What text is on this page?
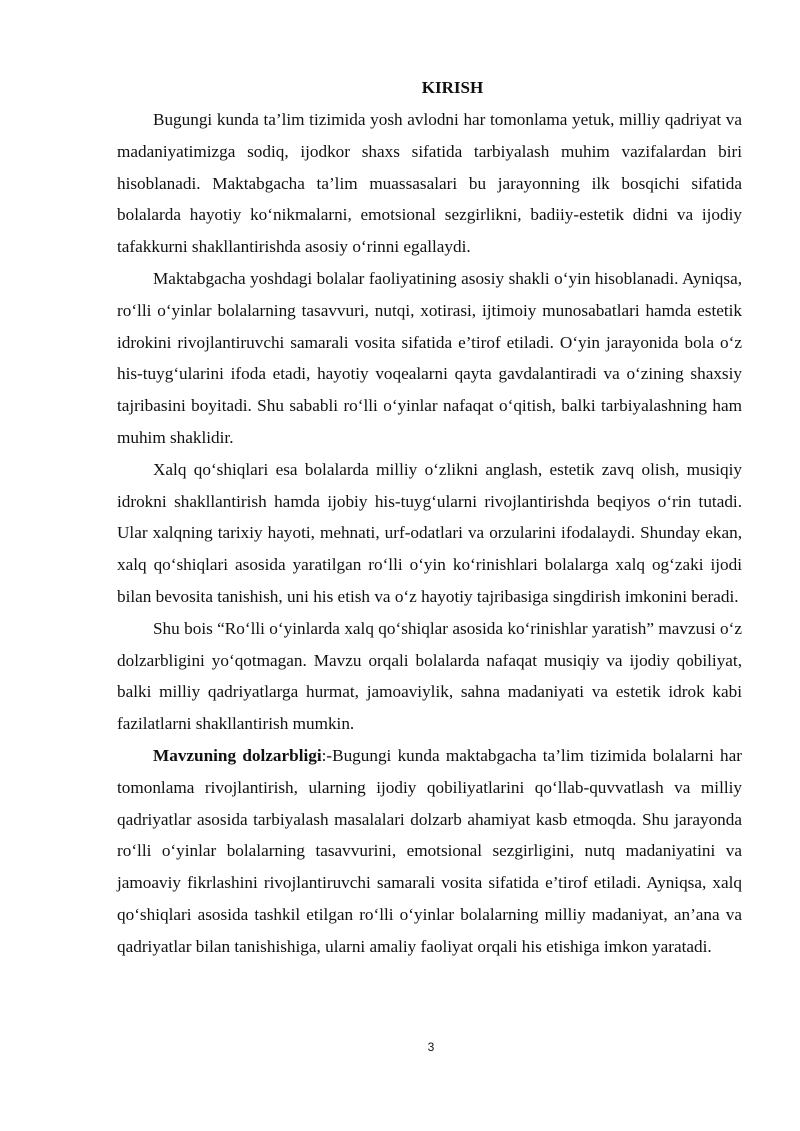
KIRISH

Bugungi kunda ta’lim tizimida yosh avlodni har tomonlama yetuk, milliy qadriyat va madaniyatimizga sodiq, ijodkor shaxs sifatida tarbiyalash muhim vazifalardan biri hisoblanadi. Maktabgacha ta’lim muassasalari bu jarayonning ilk bosqichi sifatida bolalarda hayotiy ko‘nikmalarni, emotsional sezgirlikni, badiiy-estetik didni va ijodiy tafakkurni shakllantirishda asosiy o‘rinni egallaydi.

Maktabgacha yoshdagi bolalar faoliyatining asosiy shakli o‘yin hisoblanadi. Ayniqsa, ro‘lli o‘yinlar bolalarning tasavvuri, nutqi, xotirasi, ijtimoiy munosabatlari hamda estetik idrokini rivojlantiruvchi samarali vosita sifatida e’tirof etiladi. O‘yin jarayonida bola o‘z his-tuyg‘ularini ifoda etadi, hayotiy voqealarni qayta gavdalantiradi va o‘zining shaxsiy tajribasini boyitadi. Shu sababli ro‘lli o‘yinlar nafaqat o‘qitish, balki tarbiyalashning ham muhim shaklidir.

Xalq qo‘shiqlari esa bolalarda milliy o‘zlikni anglash, estetik zavq olish, musiqiy idrokni shakllantirish hamda ijobiy his-tuyg‘ularni rivojlantirishda beqiyos o‘rin tutadi. Ular xalqning tarixiy hayoti, mehnati, urf-odatlari va orzularini ifodalaydi. Shunday ekan, xalq qo‘shiqlari asosida yaratilgan ro‘lli o‘yin ko‘rinishlari bolalarga xalq og‘zaki ijodi bilan bevosita tanishish, uni his etish va o‘z hayotiy tajribasiga singdirish imkonini beradi.

Shu bois “Ro‘lli o‘yinlarda xalq qo‘shiqlar asosida ko‘rinishlar yaratish” mavzusi o‘z dolzarbligini yo‘qotmagan. Mavzu orqali bolalarda nafaqat musiqiy va ijodiy qobiliyat, balki milliy qadriyatlarga hurmat, jamoaviylik, sahna madaniyati va estetik idrok kabi fazilatlarni shakllantirish mumkin.

Mavzuning dolzarbligi:-Bugungi kunda maktabgacha ta’lim tizimida bolalarni har tomonlama rivojlantirish, ularning ijodiy qobiliyatlarini qo‘llab-quvvatlash va milliy qadriyatlar asosida tarbiyalash masalalari dolzarb ahamiyat kasb etmoqda. Shu jarayonda ro‘lli o‘yinlar bolalarning tasavvurini, emotsional sezgirligini, nutq madaniyatini va jamoaviy fikrlashini rivojlantiruvchi samarali vosita sifatida e’tirof etiladi. Ayniqsa, xalq qo‘shiqlari asosida tashkil etilgan ro‘lli o‘yinlar bolalarning milliy madaniyat, an’ana va qadriyatlar bilan tanishishiga, ularni amaliy faoliyat orqali his etishiga imkon yaratadi.

3
